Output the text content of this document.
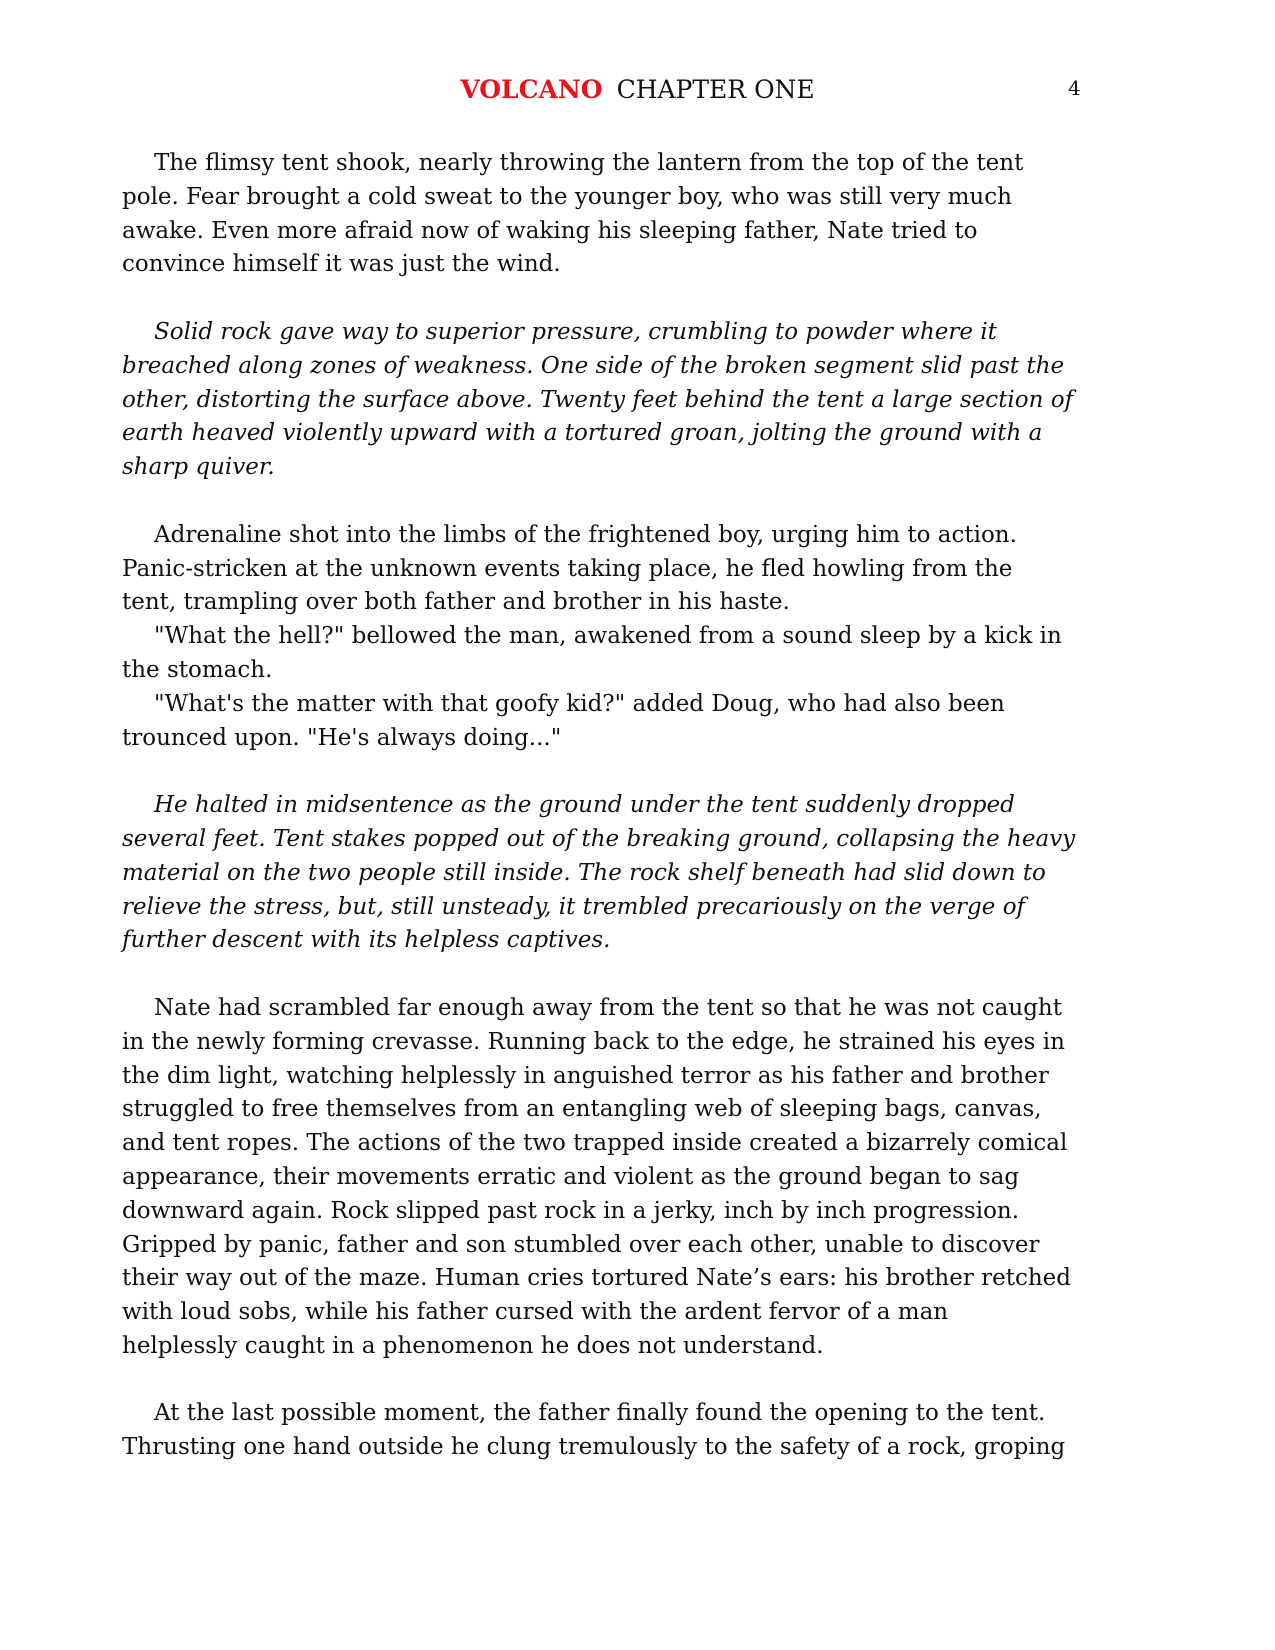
VOLCANO CHAPTER ONE	4

The flimsy tent shook, nearly throwing the lantern from the top of the tent
pole. Fear brought a cold sweat to the younger boy, who was still very much
awake. Even more afraid now of waking his sleeping father, Nate tried to
convince himself it was just the wind.

Solid rock gave way to superior pressure, crumbling to powder where it
breached along zones of weakness. One side of the broken segment slid past the
other, distorting the surface above. Twenty feet behind the tent a large section of
earth heaved violently upward with a tortured groan, jolting the ground with a
sharp quiver.

Adrenaline shot into the limbs of the frightened boy, urging him to action.
Panic-stricken at the unknown events taking place, he fled howling from the
tent, trampling over both father and brother in his haste.

"What the hell?" bellowed the man, awakened from a sound sleep by a kick in
the stomach.

"What's the matter with that goofy kid?" added Doug, who had also been
trounced upon. "He's always doing..."

He halted in midsentence as the ground under the tent suddenly dropped
several feet. Tent stakes popped out of the breaking ground, collapsing the heavy
material on the two people still inside. The rock shelf beneath had slid down to
relieve the stress, but, still unsteady, it trembled precariously on the verge of
further descent with its helpless captives.

Nate had scrambled far enough away from the tent so that he was not caught
in the newly forming crevasse. Running back to the edge, he strained his eyes in
the dim light, watching helplessly in anguished terror as his father and brother
struggled to free themselves from an entangling web of sleeping bags, canvas,
and tent ropes. The actions of the two trapped inside created a bizarrely comical
appearance, their movements erratic and violent as the ground began to sag
downward again. Rock slipped past rock in a jerky, inch by inch progression.
Gripped by panic, father and son stumbled over each other, unable to discover
their way out of the maze. Human cries tortured Nate’s ears: his brother retched
with loud sobs, while his father cursed with the ardent fervor of a man
helplessly caught in a phenomenon he does not understand.

At the last possible moment, the father finally found the opening to the tent.
Thrusting one hand outside he clung tremulously to the safety of a rock, groping
